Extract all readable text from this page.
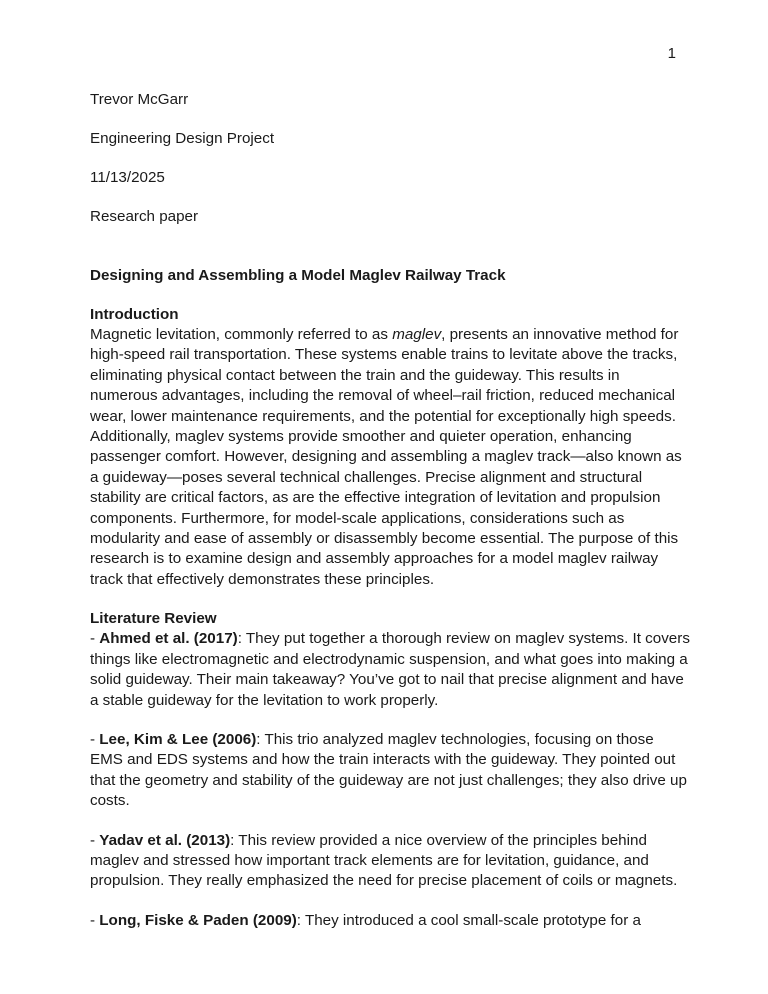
1

Trevor McGarr

Engineering Design Project

11/13/2025

Research paper

Designing and Assembling a Model Maglev Railway Track

Introduction

Magnetic levitation, commonly referred to as maglev, presents an innovative method for high-speed rail transportation. These systems enable trains to levitate above the tracks, eliminating physical contact between the train and the guideway. This results in numerous advantages, including the removal of wheel–rail friction, reduced mechanical wear, lower maintenance requirements, and the potential for exceptionally high speeds. Additionally, maglev systems provide smoother and quieter operation, enhancing passenger comfort. However, designing and assembling a maglev track—also known as a guideway—poses several technical challenges. Precise alignment and structural stability are critical factors, as are the effective integration of levitation and propulsion components. Furthermore, for model-scale applications, considerations such as modularity and ease of assembly or disassembly become essential. The purpose of this research is to examine design and assembly approaches for a model maglev railway track that effectively demonstrates these principles.

Literature Review

- Ahmed et al. (2017): They put together a thorough review on maglev systems. It covers things like electromagnetic and electrodynamic suspension, and what goes into making a solid guideway. Their main takeaway? You’ve got to nail that precise alignment and have a stable guideway for the levitation to work properly.

- Lee, Kim & Lee (2006): This trio analyzed maglev technologies, focusing on those EMS and EDS systems and how the train interacts with the guideway. They pointed out that the geometry and stability of the guideway are not just challenges; they also drive up costs.

- Yadav et al. (2013): This review provided a nice overview of the principles behind maglev and stressed how important track elements are for levitation, guidance, and propulsion. They really emphasized the need for precise placement of coils or magnets.

- Long, Fiske & Paden (2009): They introduced a cool small-scale prototype for a
